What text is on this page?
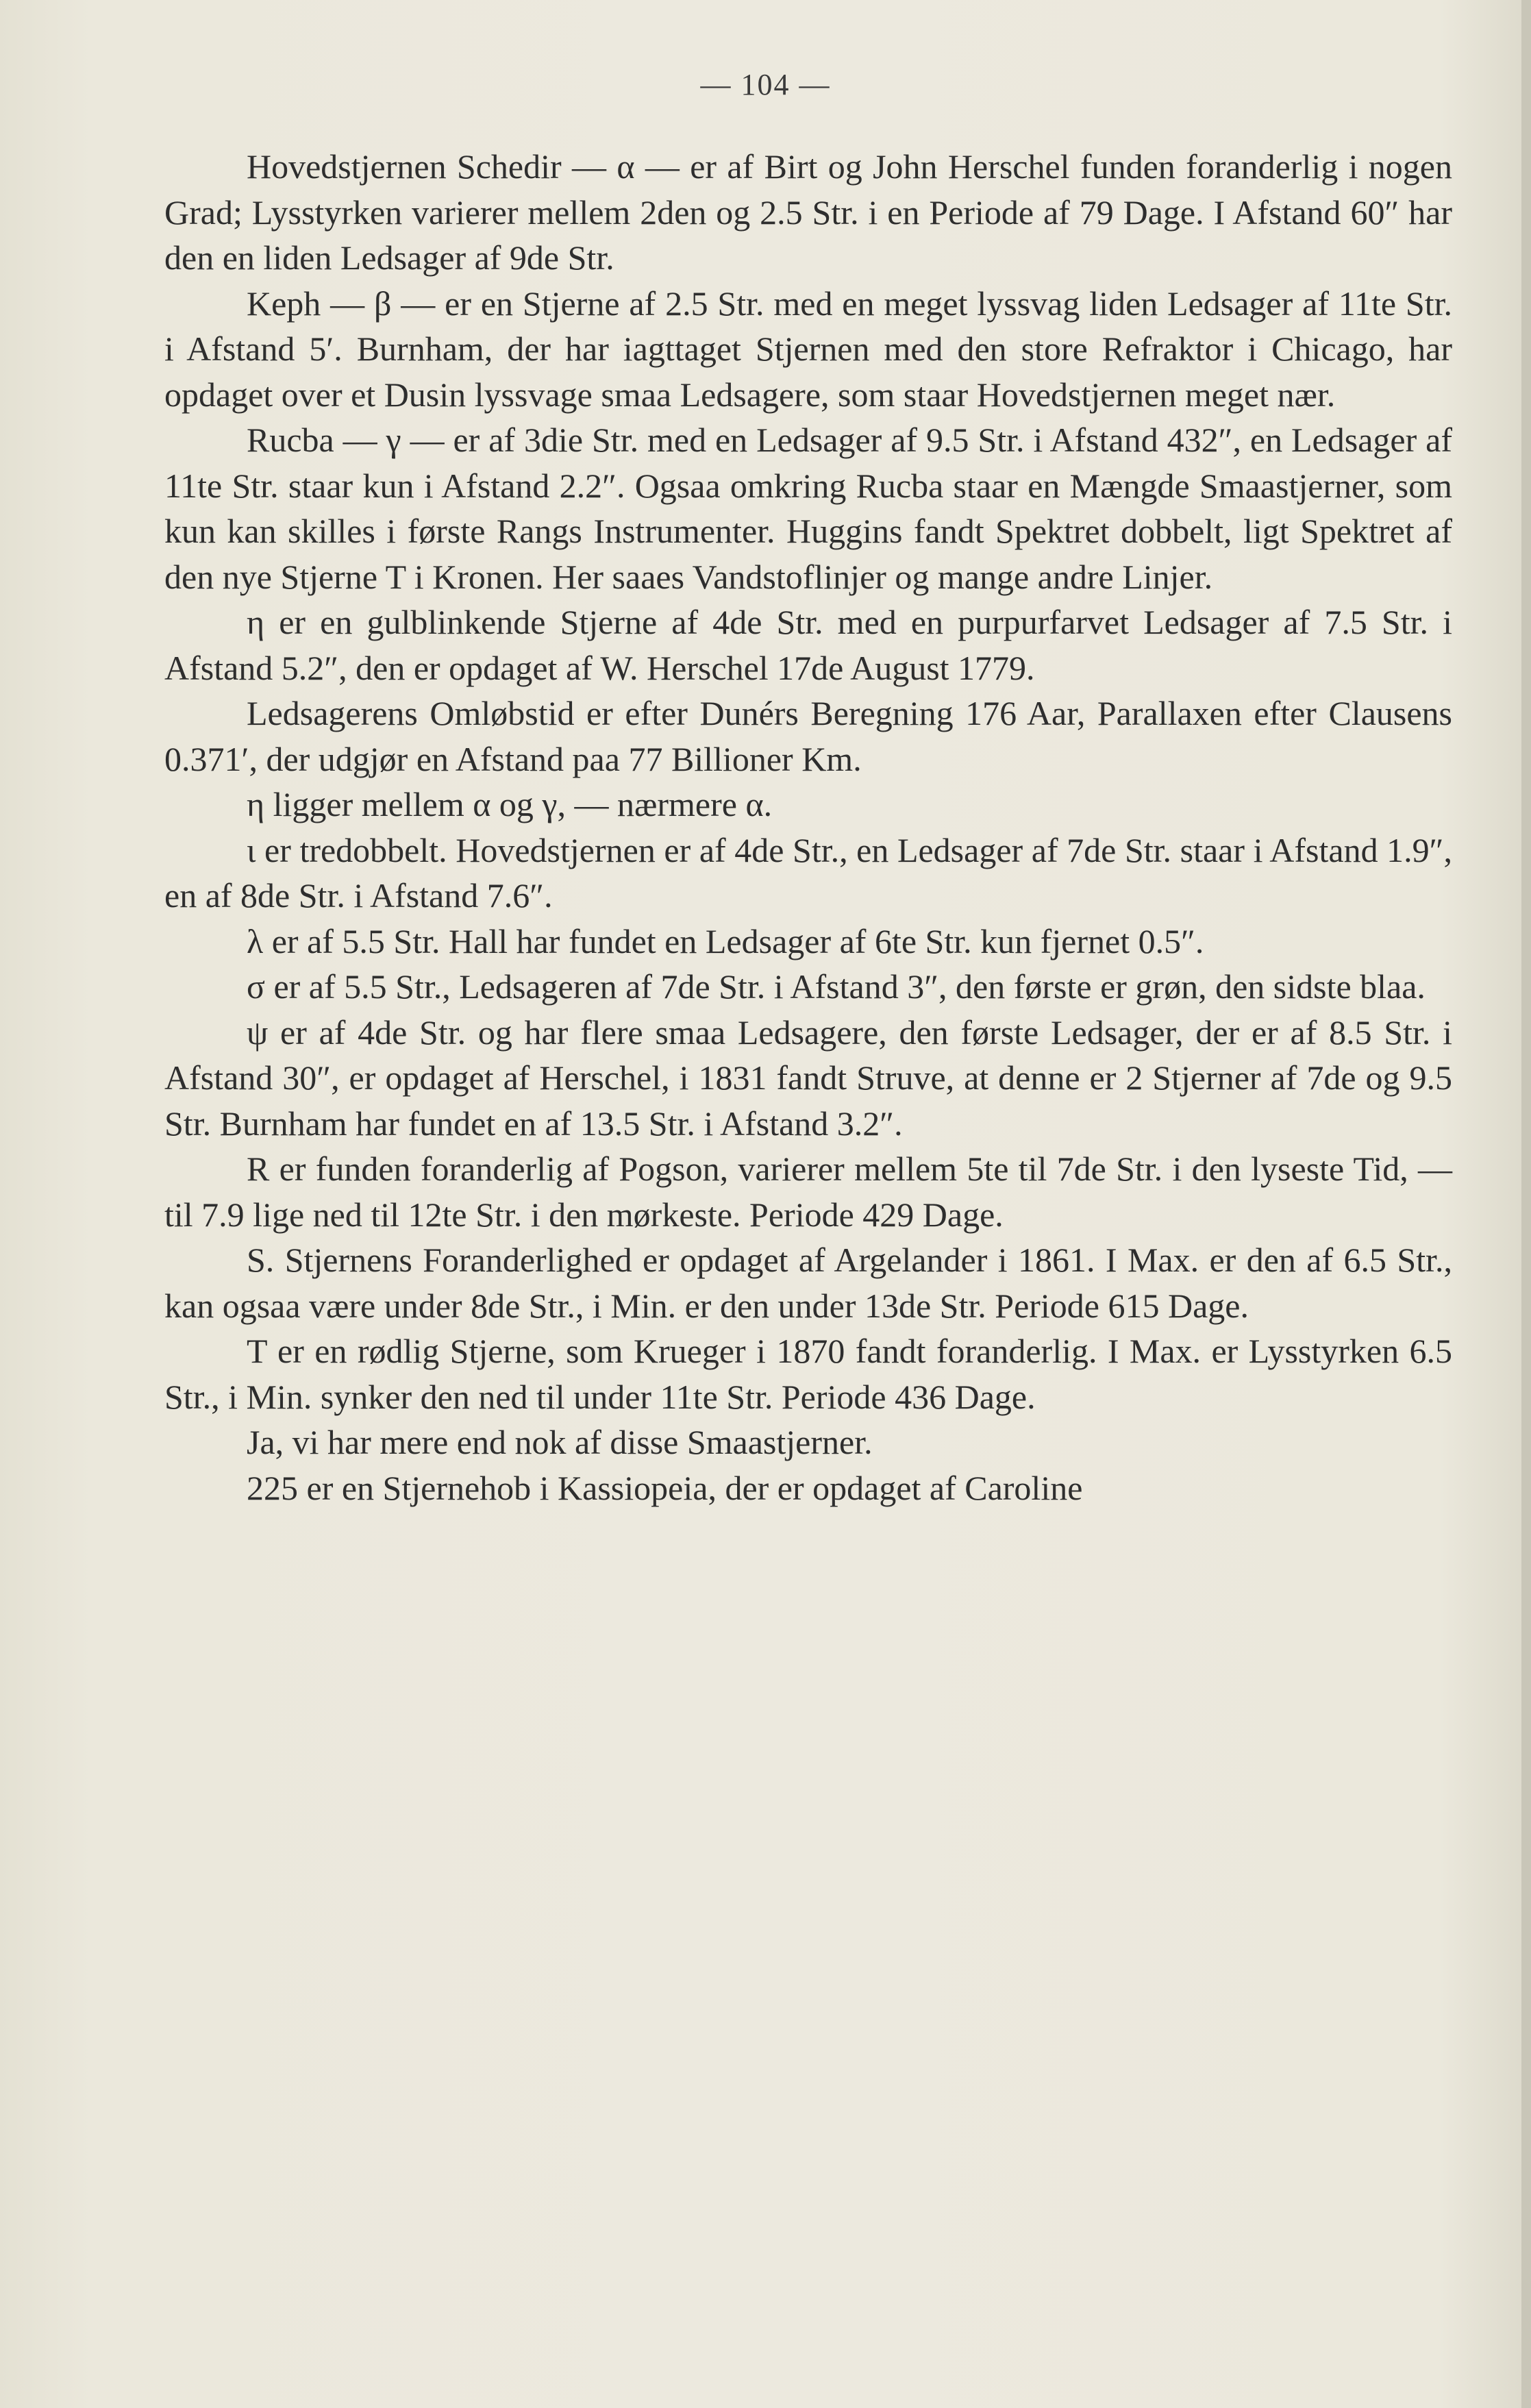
— 104 —

Hovedstjernen Schedir — α — er af Birt og John Herschel funden foranderlig i nogen Grad; Lysstyrken varierer mellem 2den og 2.5 Str. i en Periode af 79 Dage. I Afstand 60″ har den en liden Ledsager af 9de Str.

Keph — β — er en Stjerne af 2.5 Str. med en meget lyssvag liden Ledsager af 11te Str. i Afstand 5′. Burnham, der har iagttaget Stjernen med den store Refraktor i Chicago, har opdaget over et Dusin lyssvage smaa Ledsagere, som staar Hovedstjernen meget nær.

Rucba — γ — er af 3die Str. med en Ledsager af 9.5 Str. i Afstand 432″, en Ledsager af 11te Str. staar kun i Afstand 2.2″. Ogsaa omkring Rucba staar en Mængde Smaastjerner, som kun kan skilles i første Rangs Instrumenter. Huggins fandt Spektret dobbelt, ligt Spektret af den nye Stjerne T i Kronen. Her saaes Vandstoflinjer og mange andre Linjer.

η er en gulblinkende Stjerne af 4de Str. med en purpurfarvet Ledsager af 7.5 Str. i Afstand 5.2″, den er opdaget af W. Herschel 17de August 1779.

Ledsagerens Omløbstid er efter Dunérs Beregning 176 Aar, Parallaxen efter Clausens 0.371′, der udgjør en Afstand paa 77 Billioner Km.

η ligger mellem α og γ, — nærmere α.

ι er tredobbelt. Hovedstjernen er af 4de Str., en Ledsager af 7de Str. staar i Afstand 1.9″, en af 8de Str. i Afstand 7.6″.

λ er af 5.5 Str. Hall har fundet en Ledsager af 6te Str. kun fjernet 0.5″.

σ er af 5.5 Str., Ledsageren af 7de Str. i Afstand 3″, den første er grøn, den sidste blaa.

ψ er af 4de Str. og har flere smaa Ledsagere, den første Ledsager, der er af 8.5 Str. i Afstand 30″, er opdaget af Herschel, i 1831 fandt Struve, at denne er 2 Stjerner af 7de og 9.5 Str. Burnham har fundet en af 13.5 Str. i Afstand 3.2″.

R er funden foranderlig af Pogson, varierer mellem 5te til 7de Str. i den lyseste Tid, — til 7.9 lige ned til 12te Str. i den mørkeste. Periode 429 Dage.

S. Stjernens Foranderlighed er opdaget af Argelander i 1861. I Max. er den af 6.5 Str., kan ogsaa være under 8de Str., i Min. er den under 13de Str. Periode 615 Dage.

T er en rødlig Stjerne, som Krueger i 1870 fandt foranderlig. I Max. er Lysstyrken 6.5 Str., i Min. synker den ned til under 11te Str. Periode 436 Dage.

Ja, vi har mere end nok af disse Smaastjerner.

225 er en Stjernehob i Kassiopeia, der er opdaget af Caroline
